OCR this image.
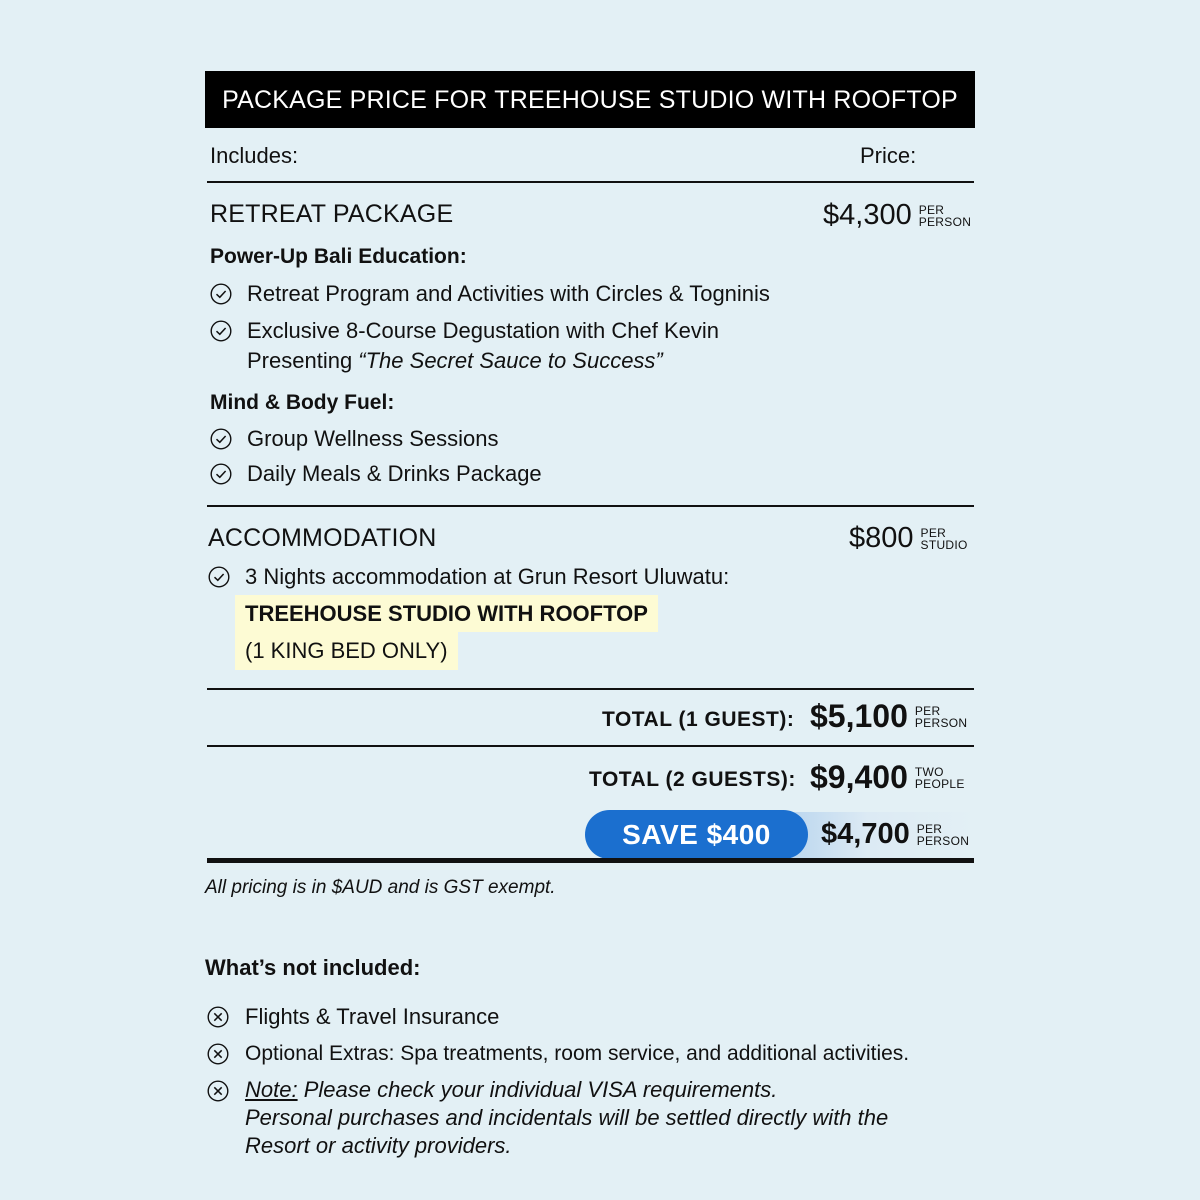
PACKAGE PRICE FOR TREEHOUSE STUDIO WITH ROOFTOP
Includes:	Price:
RETREAT PACKAGE	$4,300 PER
PERSON
Power-Up Bali Education:
Retreat Program and Activities with Circles & Togninis
Exclusive 8-Course Degustation with Chef Kevin
Presenting “The Secret Sauce to Success”
Mind & Body Fuel:
Group Wellness Sessions
Daily Meals & Drinks Package
ACCOMMODATION	$800 PER
STUDIO
3 Nights accommodation at Grun Resort Uluwatu:
TREEHOUSE STUDIO WITH ROOFTOP
(1 KING BED ONLY)
TOTAL (1 GUEST): $5,100 PER
PERSON
TOTAL (2 GUESTS): $9,400 TWO
PEOPLE
SAVE $400	$4,700 PER
PERSON
All pricing is in $AUD and is GST exempt.
What’s not included:
Flights & Travel Insurance
Optional Extras: Spa treatments, room service, and additional activities.
Note: Please check your individual VISA requirements.
Personal purchases and incidentals will be settled directly with the
Resort or activity providers.
